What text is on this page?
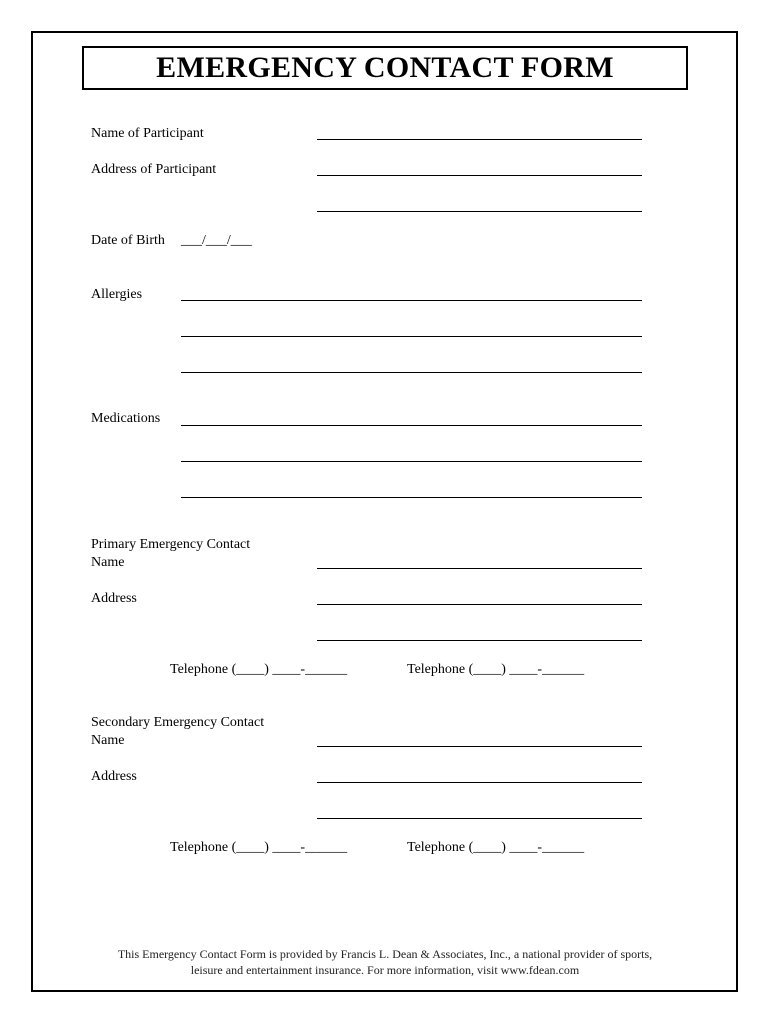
EMERGENCY CONTACT FORM
Name of Participant
Address of Participant
Date of Birth ___/___/___
Allergies
Medications
Primary Emergency Contact
Name
Address
Telephone (____) ____-______	Telephone (____) ____-______
Secondary Emergency Contact
Name
Address
Telephone (____) ____-______	Telephone (____) ____-______
This Emergency Contact Form is provided by Francis L. Dean & Associates, Inc., a national provider of sports,
leisure and entertainment insurance. For more information, visit www.fdean.com
